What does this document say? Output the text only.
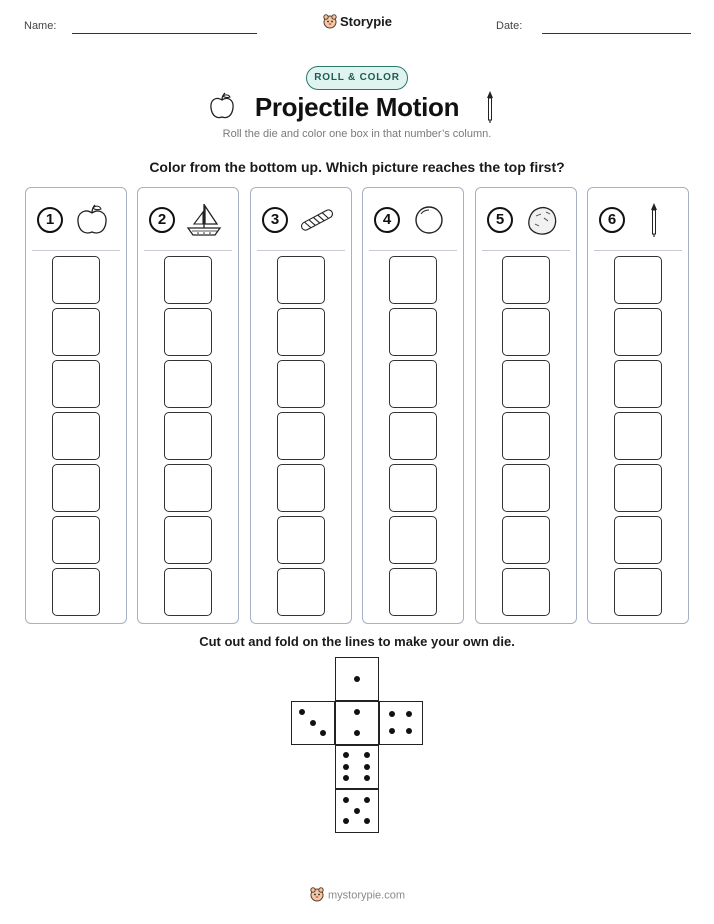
Name:	Storypie	Date:
ROLL & COLOR
Projectile Motion
Roll the die and color one box in that number’s column.
Color from the bottom up. Which picture reaches the top first?
1	2	3	4	5	6
Cut out and fold on the lines to make your own die.
mystorypie.com
